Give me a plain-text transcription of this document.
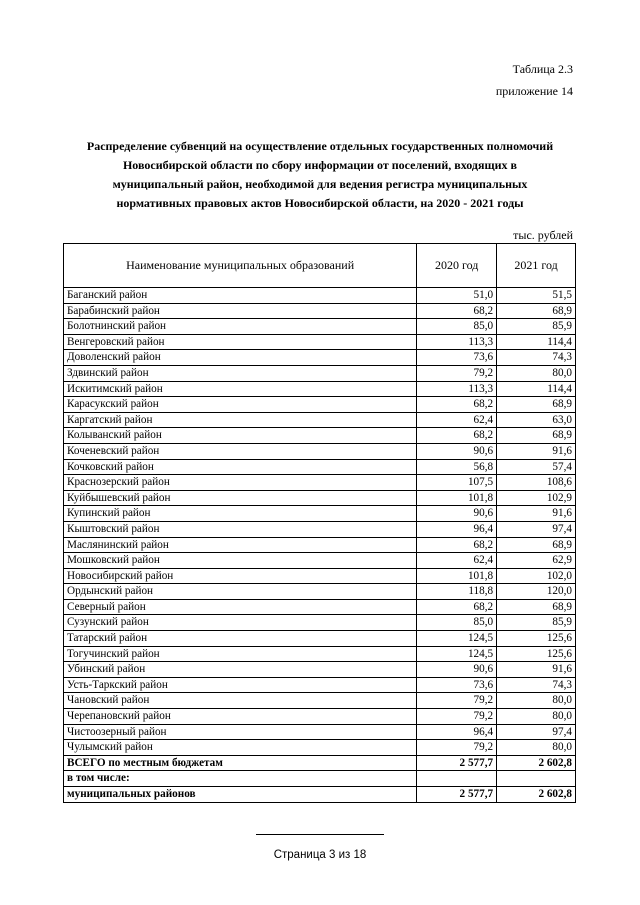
Таблица 2.3
приложение 14
Распределение субвенций на осуществление отдельных государственных полномочий
Новосибирской области по сбору информации от поселений, входящих в
муниципальный район, необходимой для ведения регистра муниципальных
нормативных правовых актов Новосибирской области, на 2020 - 2021 годы
тыс. рублей
Наименование муниципальных образований	2020 год	2021 год
Баганский район	51,0	51,5
Барабинский район	68,2	68,9
Болотнинский район	85,0	85,9
Венгеровский район	113,3	114,4
Доволенский район	73,6	74,3
Здвинский район	79,2	80,0
Искитимский район	113,3	114,4
Карасукский район	68,2	68,9
Каргатский район	62,4	63,0
Колыванский район	68,2	68,9
Коченевский район	90,6	91,6
Кочковский район	56,8	57,4
Краснозерский район	107,5	108,6
Куйбышевский район	101,8	102,9
Купинский район	90,6	91,6
Кыштовский район	96,4	97,4
Маслянинский район	68,2	68,9
Мошковский район	62,4	62,9
Новосибирский район	101,8	102,0
Ордынский район	118,8	120,0
Северный район	68,2	68,9
Сузунский район	85,0	85,9
Татарский район	124,5	125,6
Тогучинский район	124,5	125,6
Убинский район	90,6	91,6
Усть-Таркский район	73,6	74,3
Чановский район	79,2	80,0
Черепановский район	79,2	80,0
Чистоозерный район	96,4	97,4
Чулымский район	79,2	80,0
ВСЕГО по местным бюджетам	2 577,7	2 602,8
в том числе:		
муниципальных районов	2 577,7	2 602,8
Страница 3 из 18
